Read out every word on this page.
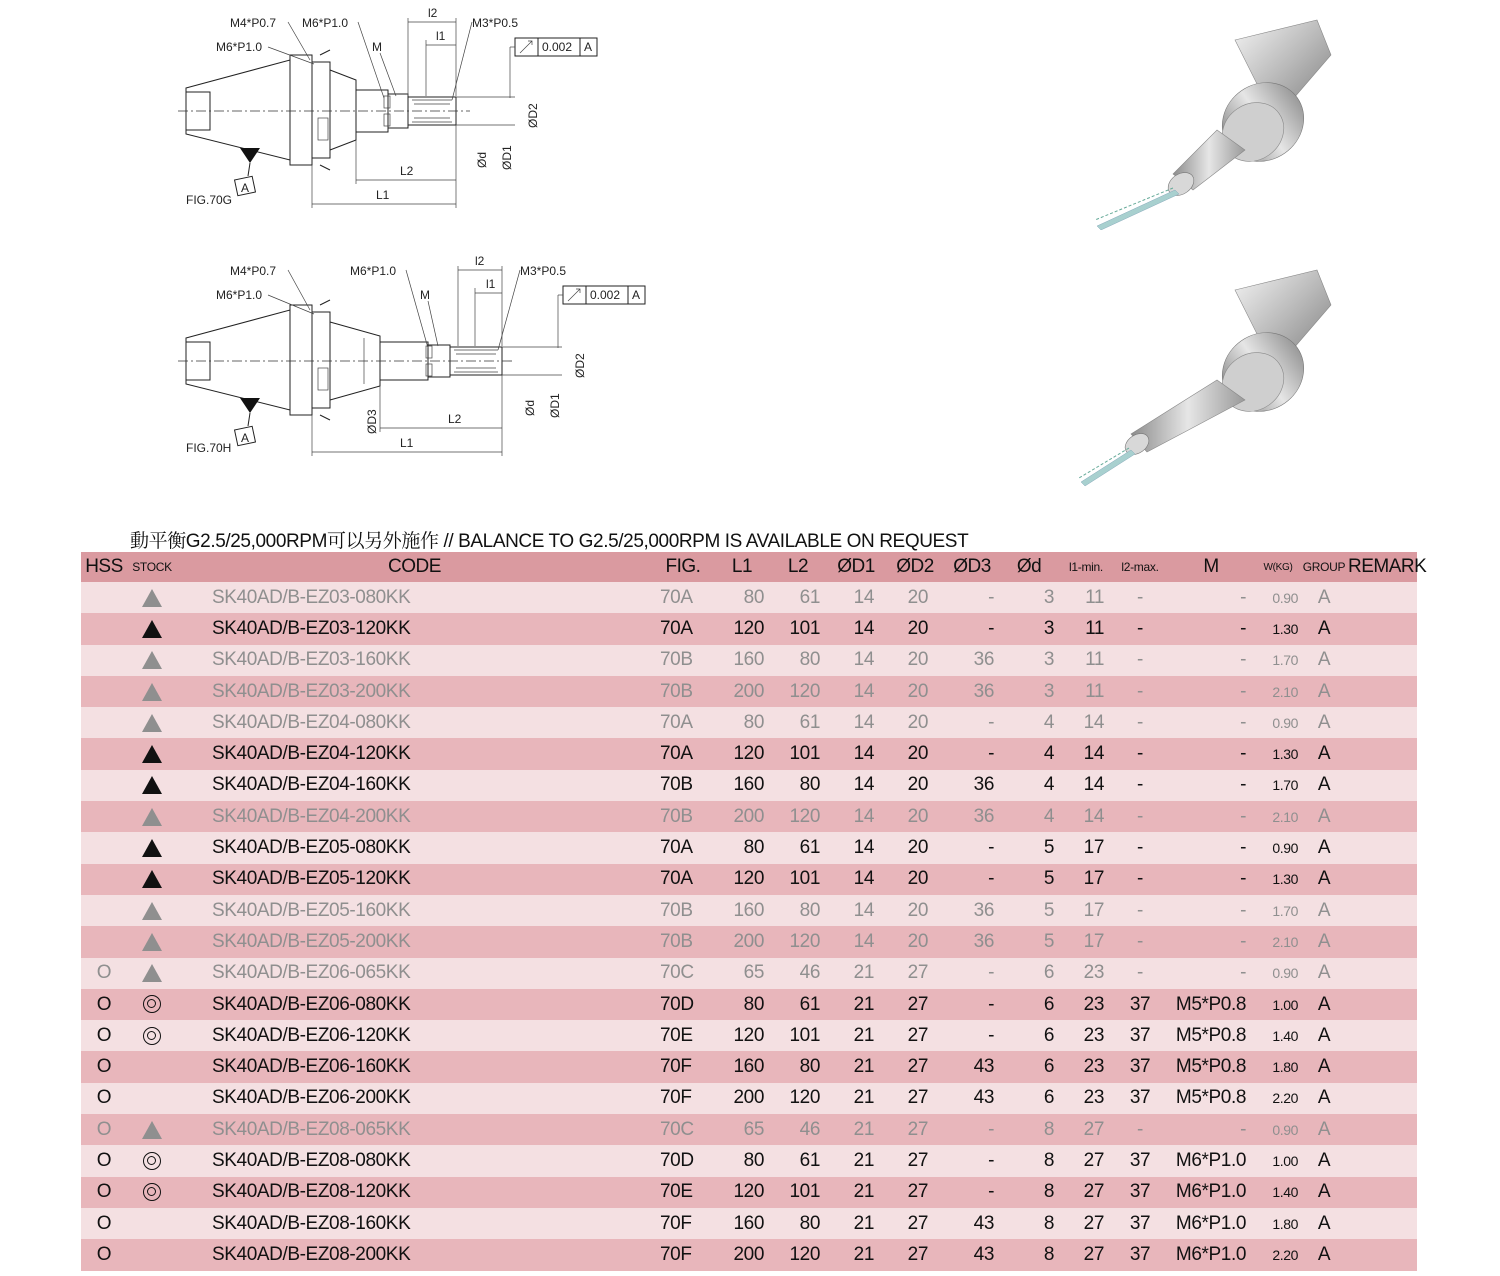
A
FIG.70G
M4*P0.7 M6*P1.0
M6*P1.0	M
l2
l1
M3*P0.5
0.002 A
ØD2
Ød ØD1
L2
L1
A
FIG.70H
M4*P0.7	M6*P1.0
M6*P1.0	M
l2
l1
M3*P0.5
0.002 A
ØD2
ØD3
Ød ØD1
L2
L1
動平衡G2.5/25,000RPM可以另外施作 // BALANCE TO G2.5/25,000RPM IS AVAILABLE ON REQUEST
HSS	STOCK	CODE	FIG.	L1	L2	ØD1	ØD2	ØD3	Ød	l1-min.	l2-max.	M	W(KG)	GROUP	REMARK
		SK40AD/B-EZ03-080KK	70A	80	61	14	20	-	3	11	-	-	0.90	A	
		SK40AD/B-EZ03-120KK	70A	120	101	14	20	-	3	11	-	-	1.30	A	
		SK40AD/B-EZ03-160KK	70B	160	80	14	20	36	3	11	-	-	1.70	A	
		SK40AD/B-EZ03-200KK	70B	200	120	14	20	36	3	11	-	-	2.10	A	
		SK40AD/B-EZ04-080KK	70A	80	61	14	20	-	4	14	-	-	0.90	A	
		SK40AD/B-EZ04-120KK	70A	120	101	14	20	-	4	14	-	-	1.30	A	
		SK40AD/B-EZ04-160KK	70B	160	80	14	20	36	4	14	-	-	1.70	A	
		SK40AD/B-EZ04-200KK	70B	200	120	14	20	36	4	14	-	-	2.10	A	
		SK40AD/B-EZ05-080KK	70A	80	61	14	20	-	5	17	-	-	0.90	A	
		SK40AD/B-EZ05-120KK	70A	120	101	14	20	-	5	17	-	-	1.30	A	
		SK40AD/B-EZ05-160KK	70B	160	80	14	20	36	5	17	-	-	1.70	A	
		SK40AD/B-EZ05-200KK	70B	200	120	14	20	36	5	17	-	-	2.10	A	
O		SK40AD/B-EZ06-065KK	70C	65	46	21	27	-	6	23	-	-	0.90	A	
O		SK40AD/B-EZ06-080KK	70D	80	61	21	27	-	6	23	37	M5*P0.8	1.00	A	
O		SK40AD/B-EZ06-120KK	70E	120	101	21	27	-	6	23	37	M5*P0.8	1.40	A	
O		SK40AD/B-EZ06-160KK	70F	160	80	21	27	43	6	23	37	M5*P0.8	1.80	A	
O		SK40AD/B-EZ06-200KK	70F	200	120	21	27	43	6	23	37	M5*P0.8	2.20	A	
O		SK40AD/B-EZ08-065KK	70C	65	46	21	27	-	8	27	-	-	0.90	A	
O		SK40AD/B-EZ08-080KK	70D	80	61	21	27	-	8	27	37	M6*P1.0	1.00	A	
O		SK40AD/B-EZ08-120KK	70E	120	101	21	27	-	8	27	37	M6*P1.0	1.40	A	
O		SK40AD/B-EZ08-160KK	70F	160	80	21	27	43	8	27	37	M6*P1.0	1.80	A	
O		SK40AD/B-EZ08-200KK	70F	200	120	21	27	43	8	27	37	M6*P1.0	2.20	A	
